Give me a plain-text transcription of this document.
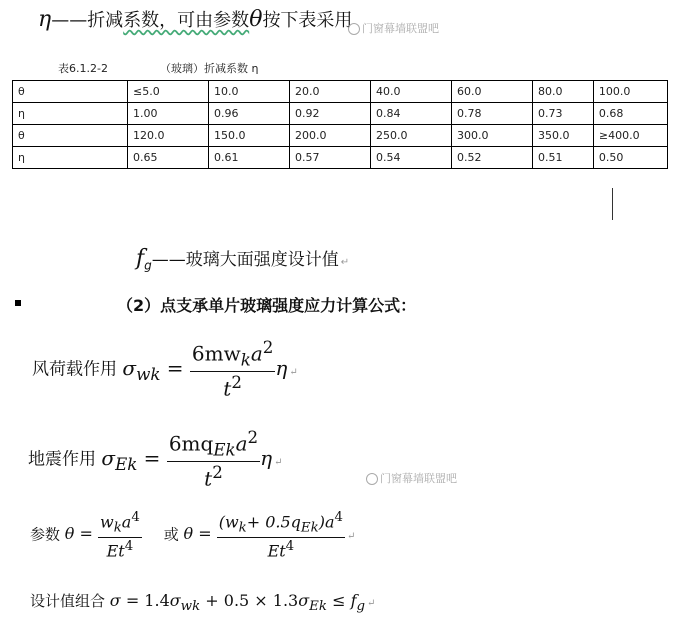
η——折减系数，可由参数θ按下表采用 门窗幕墙联盟吧
表6.1.2-2	（玻璃）折减系数 η
θ	≤5.0	10.0	20.0	40.0	60.0	80.0	100.0
η	1.00	0.96	0.92	0.84	0.78	0.73	0.68
θ	120.0	150.0	200.0	250.0	300.0	350.0	≥400.0
η	0.65	0.61	0.57	0.54	0.52	0.51	0.50
$f_g——$玻璃大面强度设计值 ↵
（2）点支承单片玻璃强度应力计算公式：
风荷载作用 $\sigma_{wk} = \frac{6mw_ka^2}{t^2}$ η ↵
地震作用 $\sigma_{Ek} = \frac{6mq_{Ek}a^2}{t^2}$ η ↵
门窗幕墙联盟吧
参数 $\theta = \frac{w_ka^4}{Et^4}$ 或 $\theta = \frac{(w_k+ 0.5q_{Ek})a^4}{Et^4}$ ↵
设计值组合 $\sigma = 1.4\sigma_{wk} + 0.5 \times 1.3\sigma_{Ek} \le f_g$ ↵
